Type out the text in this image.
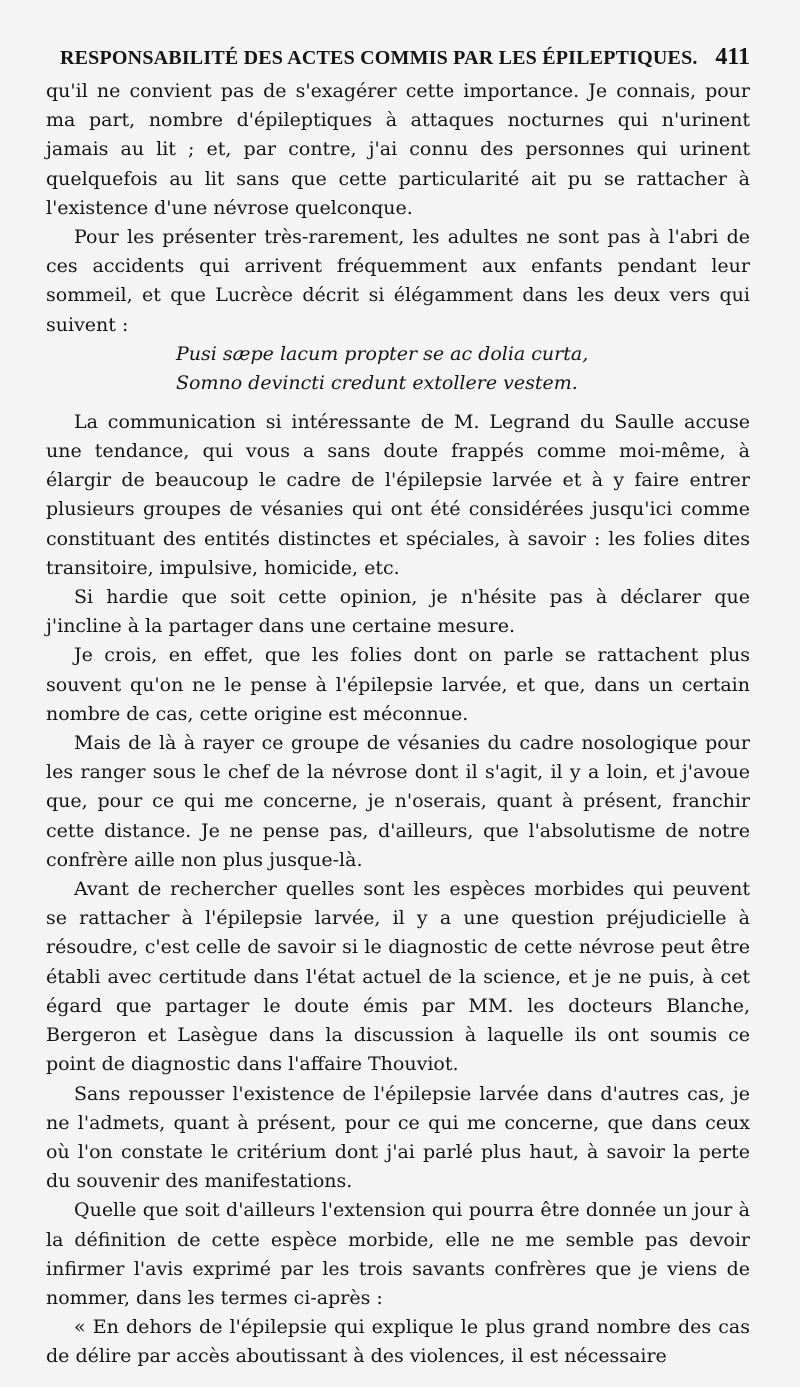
RESPONSABILITÉ DES ACTES COMMIS PAR LES ÉPILEPTIQUES. 411

qu'il ne convient pas de s'exagérer cette importance. Je connais, pour ma part, nombre d'épileptiques à attaques nocturnes qui n'urinent jamais au lit ; et, par contre, j'ai connu des personnes qui urinent quelquefois au lit sans que cette particularité ait pu se rattacher à l'existence d'une névrose quelconque.

Pour les présenter très-rarement, les adultes ne sont pas à l'abri de ces accidents qui arrivent fréquemment aux enfants pendant leur sommeil, et que Lucrèce décrit si élégamment dans les deux vers qui suivent :

Pusi sæpe lacum propter se ac dolia curta,
Somno devincti credunt extollere vestem.

La communication si intéressante de M. Legrand du Saulle accuse une tendance, qui vous a sans doute frappés comme moi-même, à élargir de beaucoup le cadre de l'épilepsie larvée et à y faire entrer plusieurs groupes de vésanies qui ont été considérées jusqu'ici comme constituant des entités distinctes et spéciales, à savoir : les folies dites transitoire, impulsive, homicide, etc.

Si hardie que soit cette opinion, je n'hésite pas à déclarer que j'incline à la partager dans une certaine mesure.

Je crois, en effet, que les folies dont on parle se rattachent plus souvent qu'on ne le pense à l'épilepsie larvée, et que, dans un certain nombre de cas, cette origine est méconnue.

Mais de là à rayer ce groupe de vésanies du cadre nosologique pour les ranger sous le chef de la névrose dont il s'agit, il y a loin, et j'avoue que, pour ce qui me concerne, je n'oserais, quant à présent, franchir cette distance. Je ne pense pas, d'ailleurs, que l'absolutisme de notre confrère aille non plus jusque-là.

Avant de rechercher quelles sont les espèces morbides qui peuvent se rattacher à l'épilepsie larvée, il y a une question préjudicielle à résoudre, c'est celle de savoir si le diagnostic de cette névrose peut être établi avec certitude dans l'état actuel de la science, et je ne puis, à cet égard que partager le doute émis par MM. les docteurs Blanche, Bergeron et Lasègue dans la discussion à laquelle ils ont soumis ce point de diagnostic dans l'affaire Thouviot.

Sans repousser l'existence de l'épilepsie larvée dans d'autres cas, je ne l'admets, quant à présent, pour ce qui me concerne, que dans ceux où l'on constate le critérium dont j'ai parlé plus haut, à savoir la perte du souvenir des manifestations.

Quelle que soit d'ailleurs l'extension qui pourra être donnée un jour à la définition de cette espèce morbide, elle ne me semble pas devoir infirmer l'avis exprimé par les trois savants confrères que je viens de nommer, dans les termes ci-après :

« En dehors de l'épilepsie qui explique le plus grand nombre des cas de délire par accès aboutissant à des violences, il est nécessaire
